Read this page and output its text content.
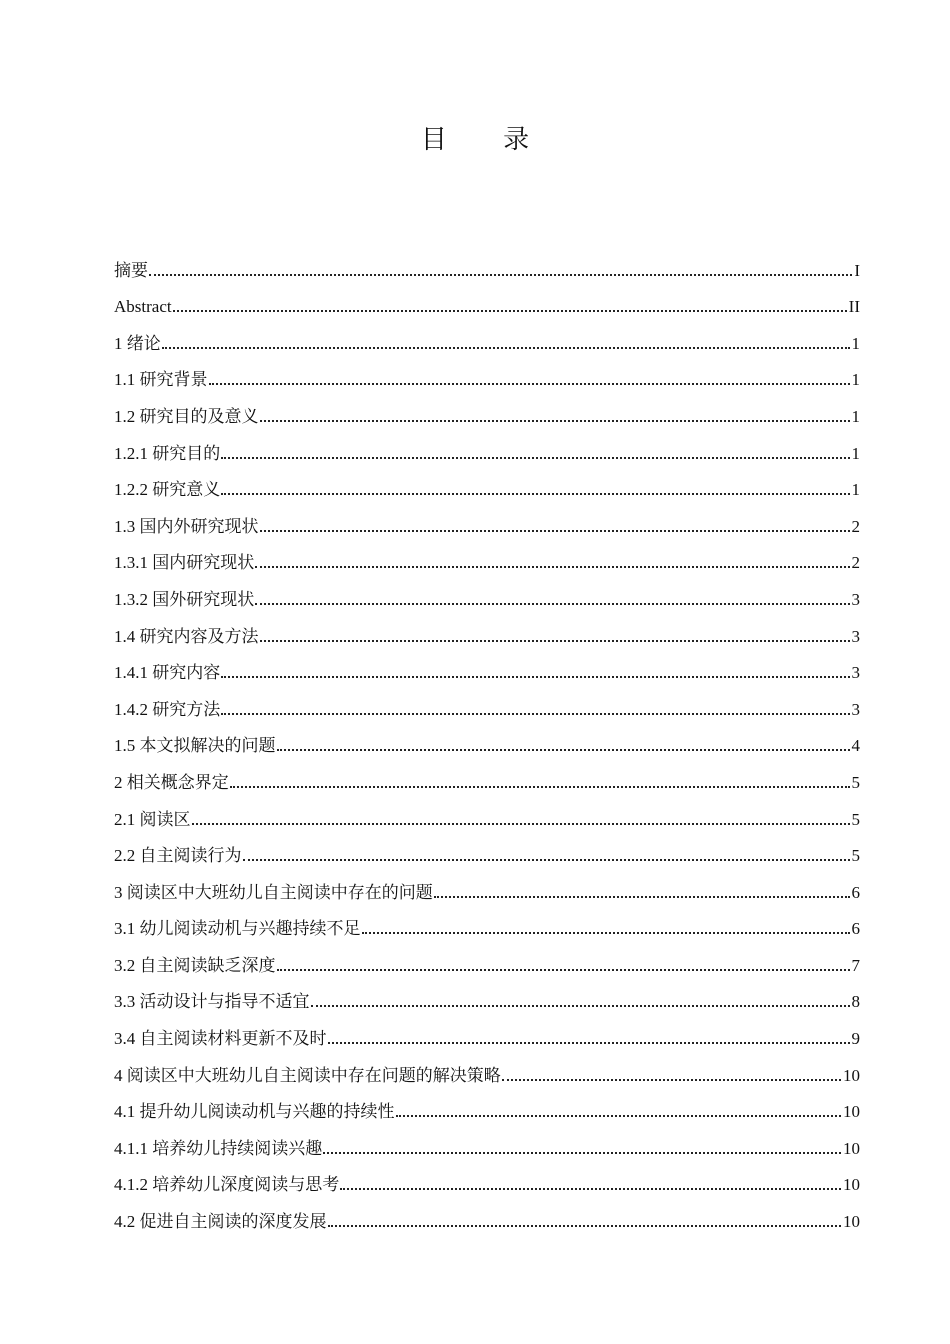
目 录
摘要	I
Abstract	II
1 绪论	1
1.1 研究背景	1
1.2 研究目的及意义	1
1.2.1 研究目的	1
1.2.2 研究意义	1
1.3 国内外研究现状	2
1.3.1 国内研究现状	2
1.3.2 国外研究现状	3
1.4 研究内容及方法	3
1.4.1 研究内容	3
1.4.2 研究方法	3
1.5 本文拟解决的问题	4
2 相关概念界定	5
2.1 阅读区	5
2.2 自主阅读行为	5
3 阅读区中大班幼儿自主阅读中存在的问题	6
3.1 幼儿阅读动机与兴趣持续不足	6
3.2 自主阅读缺乏深度	7
3.3 活动设计与指导不适宜	8
3.4 自主阅读材料更新不及时	9
4 阅读区中大班幼儿自主阅读中存在问题的解决策略	10
4.1 提升幼儿阅读动机与兴趣的持续性	10
4.1.1 培养幼儿持续阅读兴趣	10
4.1.2 培养幼儿深度阅读与思考	10
4.2 促进自主阅读的深度发展	10
